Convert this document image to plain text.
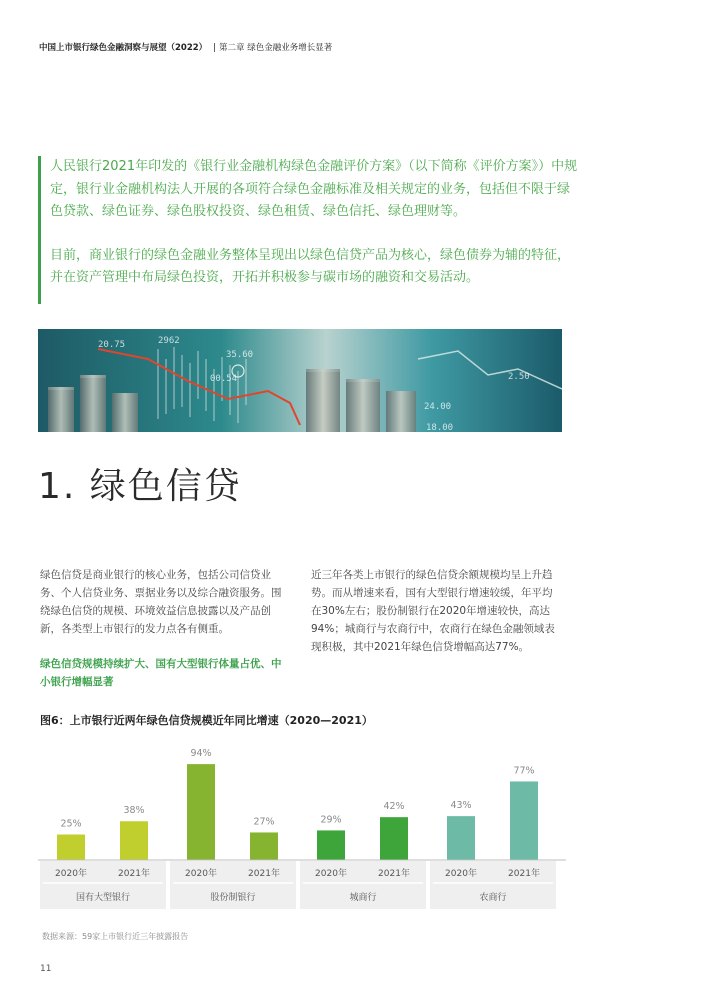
中国上市银行绿色金融洞察与展望（2022） | 第二章 绿色金融业务增长显著

人民银行2021年印发的《银行业金融机构绿色金融评价方案》（以下简称《评价方案》）中规定，银行业金融机构法人开展的各项符合绿色金融标准及相关规定的业务，包括但不限于绿色贷款、绿色证券、绿色股权投资、绿色租赁、绿色信托、绿色理财等。

目前，商业银行的绿色金融业务整体呈现出以绿色信贷产品为核心，绿色债券为辅的特征，并在资产管理中布局绿色投资，开拓并积极参与碳市场的融资和交易活动。

20.75
35.60
24.00
18.00
2962
2.50
00.54
1. 绿色信贷

绿色信贷是商业银行的核心业务，包括公司信贷业务、个人信贷业务、票据业务以及综合融资服务。围绕绿色信贷的规模、环境效益信息披露以及产品创新，各类型上市银行的发力点各有侧重。

绿色信贷规模持续扩大、国有大型银行体量占优、中小银行增幅显著

近三年各类上市银行的绿色信贷余额规模均呈上升趋势。而从增速来看，国有大型银行增速较缓，年平均在30%左右；股份制银行在2020年增速较快，高达94%；城商行与农商行中，农商行在绿色金融领域表现积极，其中2021年绿色信贷增幅高达77%。

图6：上市银行近两年绿色信贷规模近年同比增速（2020—2021）
25%
2020年
38%
2021年
国有大型银行
94%
2020年
27%
2021年
股份制银行
29%
2020年
42%
2021年
城商行
43%
2020年
77%
2021年
农商行
数据来源：59家上市银行近三年披露报告
11
